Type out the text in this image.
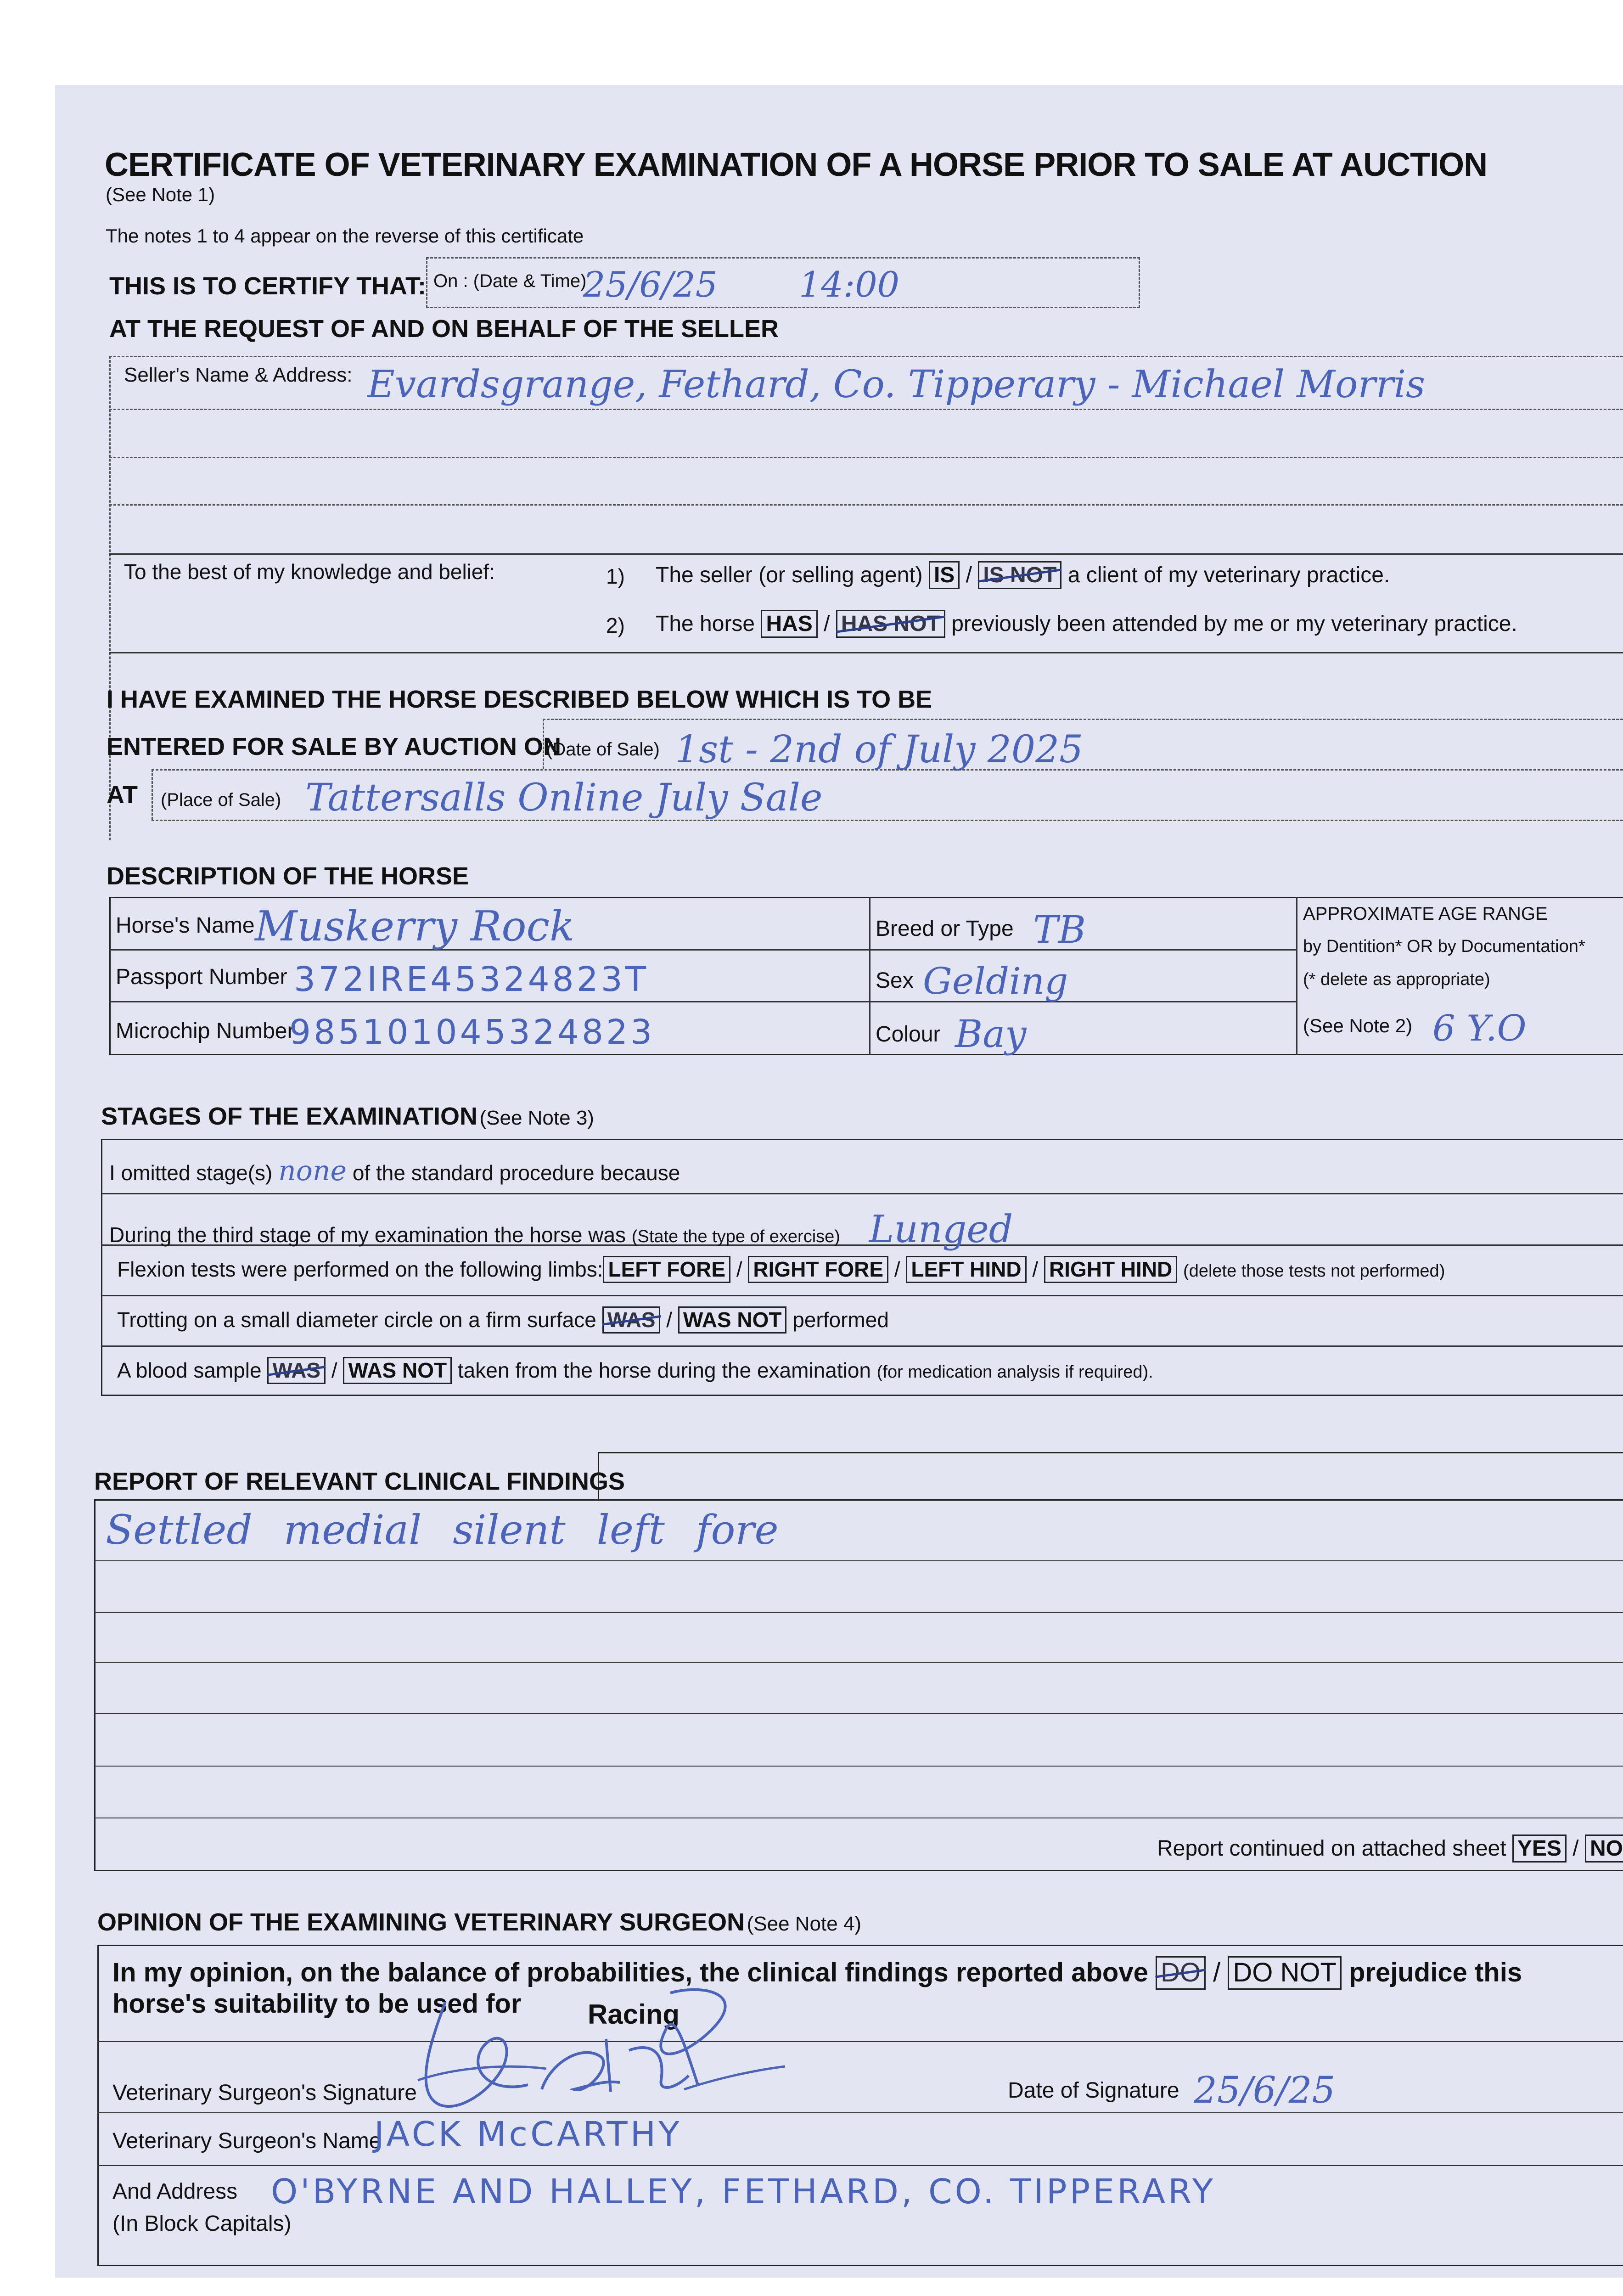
CERTIFICATE OF VETERINARY EXAMINATION OF A HORSE PRIOR TO SALE AT AUCTION
(See Note 1)
The notes 1 to 4 appear on the reverse of this certificate
THIS IS TO CERTIFY THAT: On : (Date & Time)
25/6/25 14:00
AT THE REQUEST OF AND ON BEHALF OF THE SELLER
Seller's Name & Address: Evardsgrange, Fethard, Co. Tipperary - Michael Morris
To the best of my knowledge and belief:	1) The seller (or selling agent) IS / IS NOT a client of my veterinary practice.
2) The horse HAS / HAS NOT previously been attended by me or my veterinary practice.
I HAVE EXAMINED THE HORSE DESCRIBED BELOW WHICH IS TO BE
ENTERED FOR SALE BY AUCTION ON
(Date of Sale) 1st - 2nd of July 2025
AT (Place of Sale) Tattersalls Online July Sale
DESCRIPTION OF THE HORSE
Horse's Name Muskerry Rock
Passport Number 372IRE45324823T
Microchip Number
985101045324823
Breed or Type TB
Sex Gelding
Colour Bay
APPROXIMATE AGE RANGE
by Dentition* OR by Documentation*
(* delete as appropriate)
(See Note 2) 6 Y.O
STAGES OF THE EXAMINATION (See Note 3)
I omitted stage(s) none of the standard procedure because
During the third stage of my examination the horse was (State the type of exercise) Lunged
Flexion tests were performed on the following limbs: LEFT FORE / RIGHT FORE / LEFT HIND / RIGHT HIND (delete those tests not performed)
Trotting on a small diameter circle on a firm surface WAS / WAS NOT performed
A blood sample WAS / WAS NOT taken from the horse during the examination (for medication analysis if required).
REPORT OF RELEVANT CLINICAL FINDINGS
Settled medial silent left fore
Report continued on attached sheet YES / NO
OPINION OF THE EXAMINING VETERINARY SURGEON (See Note 4)
In my opinion, on the balance of probabilities, the clinical findings reported above DO / DO NOT prejudice this
horse's suitability to be used for Racing
Veterinary Surgeon's Signature	Date of Signature 25/6/25
Veterinary Surgeon's Name
JACK McCARTHY
And Address O'BYRNE AND HALLEY, FETHARD, CO. TIPPERARY
(In Block Capitals)
